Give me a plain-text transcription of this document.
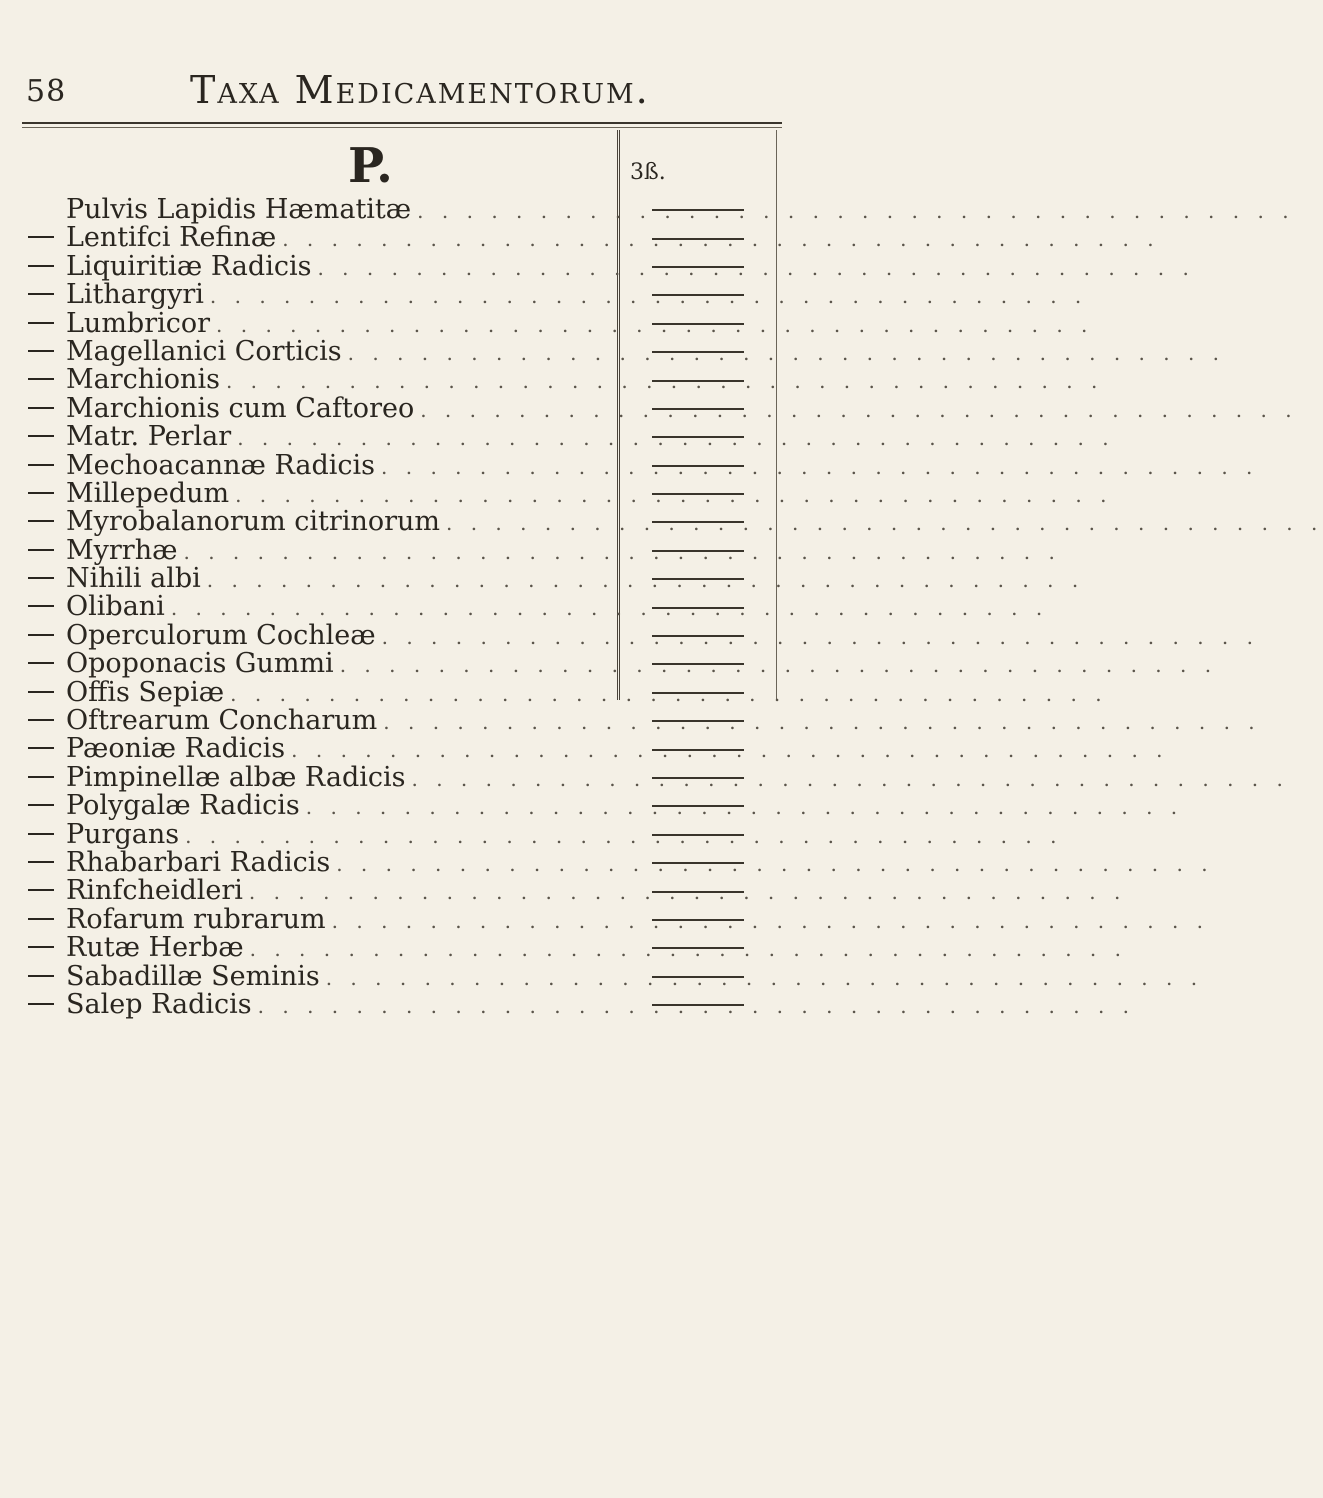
58	Taxa Medicamentorum.
P.	3ß.
Pulvis Lapidis Hæmatitæ . . . . . . . . . . . . . . . . . . . . . . . . . . . . . . . . . . . .
Lentifci Refinæ . . . . . . . . . . . . . . . . . . . . . . . . . . . . . . . . . . . .
Liquiritiæ Radicis . . . . . . . . . . . . . . . . . . . . . . . . . . . . . . . . . . . .
Lithargyri . . . . . . . . . . . . . . . . . . . . . . . . . . . . . . . . . . . .
Lumbricor . . . . . . . . . . . . . . . . . . . . . . . . . . . . . . . . . . . .
Magellanici Corticis . . . . . . . . . . . . . . . . . . . . . . . . . . . . . . . . . . . .
Marchionis . . . . . . . . . . . . . . . . . . . . . . . . . . . . . . . . . . . .
Marchionis cum Caftoreo . . . . . . . . . . . . . . . . . . . . . . . . . . . . . . . . . . . .
Matr. Perlar . . . . . . . . . . . . . . . . . . . . . . . . . . . . . . . . . . . .
Mechoacannæ Radicis . . . . . . . . . . . . . . . . . . . . . . . . . . . . . . . . . . . .
Millepedum . . . . . . . . . . . . . . . . . . . . . . . . . . . . . . . . . . . .
Myrobalanorum citrinorum . . . . . . . . . . . . . . . . . . . . . . . . . . . . . . . . . . . .
Myrrhæ . . . . . . . . . . . . . . . . . . . . . . . . . . . . . . . . . . . .
Nihili albi . . . . . . . . . . . . . . . . . . . . . . . . . . . . . . . . . . . .
Olibani . . . . . . . . . . . . . . . . . . . . . . . . . . . . . . . . . . . .
Operculorum Cochleæ . . . . . . . . . . . . . . . . . . . . . . . . . . . . . . . . . . . .
Opoponacis Gummi . . . . . . . . . . . . . . . . . . . . . . . . . . . . . . . . . . . .
Offis Sepiæ . . . . . . . . . . . . . . . . . . . . . . . . . . . . . . . . . . . .
Oftrearum Concharum . . . . . . . . . . . . . . . . . . . . . . . . . . . . . . . . . . . .
Pæoniæ Radicis . . . . . . . . . . . . . . . . . . . . . . . . . . . . . . . . . . . .
Pimpinellæ albæ Radicis . . . . . . . . . . . . . . . . . . . . . . . . . . . . . . . . . . . .
Polygalæ Radicis . . . . . . . . . . . . . . . . . . . . . . . . . . . . . . . . . . . .
Purgans . . . . . . . . . . . . . . . . . . . . . . . . . . . . . . . . . . . .
Rhabarbari Radicis . . . . . . . . . . . . . . . . . . . . . . . . . . . . . . . . . . . .
Rinfcheidleri . . . . . . . . . . . . . . . . . . . . . . . . . . . . . . . . . . . .
Rofarum rubrarum . . . . . . . . . . . . . . . . . . . . . . . . . . . . . . . . . . . .
Rutæ Herbæ . . . . . . . . . . . . . . . . . . . . . . . . . . . . . . . . . . . .
Sabadillæ Seminis . . . . . . . . . . . . . . . . . . . . . . . . . . . . . . . . . . . .
Salep Radicis . . . . . . . . . . . . . . . . . . . . . . . . . . . . . . . . . . . .
